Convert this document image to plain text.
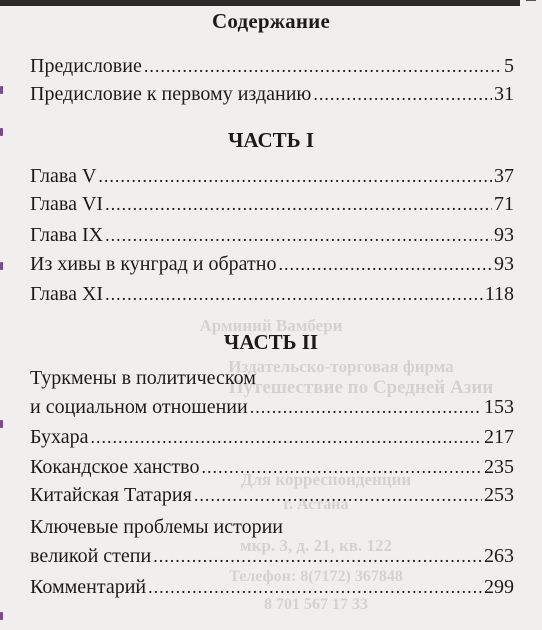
Арминий Вамбери
Издательско-торговая фирма
Путешествие по Средней Азии
Для корреспонденции
г. Астана
мкр. 3, д. 21, кв. 122
Телефон: 8(7172) 367848
8 701 567 17 33
Содержание
Предисловие .....	5
Предисловие к первому изданию .....	31
ЧАСТЬ I
Глава V .....	37
Глава VI .....	71
Глава IX .....	93
Из хивы в кунград и обратно .....	93
Глава XI .....	118
ЧАСТЬ II
Туркмены в политическом
и социальном отношении .....	153
Бухара .....	217
Кокандское ханство .....	235
Китайская Татария .....	253
Ключевые проблемы истории
великой степи .....	263
Комментарий .....	299
